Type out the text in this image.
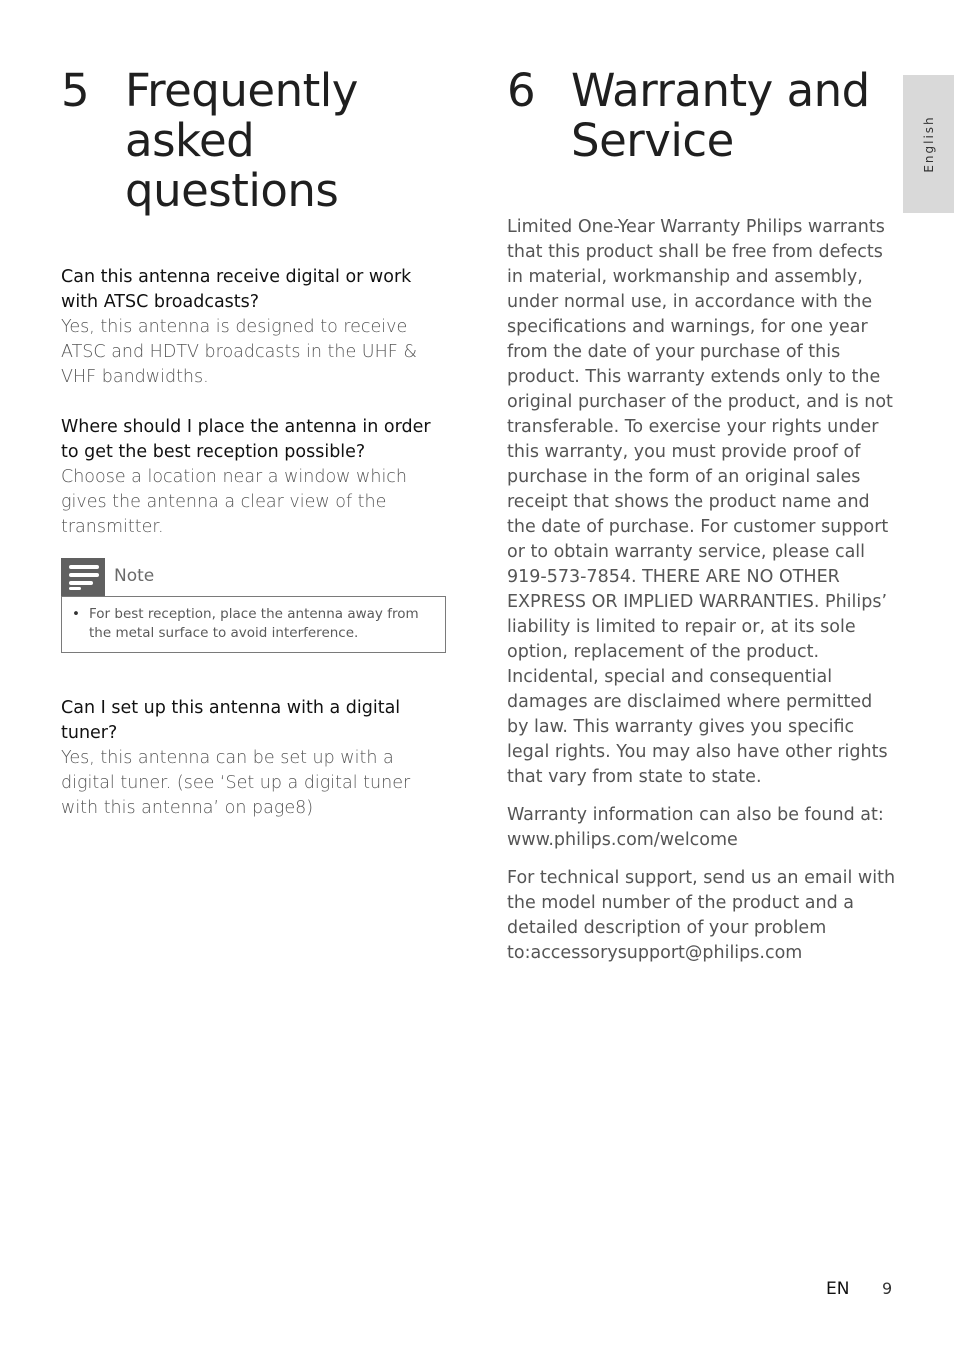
English
5 Frequently
asked questions

Can this antenna receive digital or work with ATSC broadcasts?

Yes, this antenna is designed to receive ATSC and HDTV broadcasts in the UHF & VHF bandwidths.

Where should I place the antenna in order to get the best reception possible?

Choose a location near a window which gives the antenna a clear view of the transmitter.

Note
• For best reception, place the antenna away from the metal surface to avoid interference.

Can I set up this antenna with a digital tuner?

Yes, this antenna can be set up with a digital tuner. (see ‘Set up a digital tuner with this antenna’ on page8)

6 Warranty and
Service

Limited One-Year Warranty Philips warrants that this product shall be free from defects in material, workmanship and assembly, under normal use, in accordance with the specifications and warnings, for one year from the date of your purchase of this product. This warranty extends only to the original purchaser of the product, and is not transferable. To exercise your rights under this warranty, you must provide proof of purchase in the form of an original sales receipt that shows the product name and the date of purchase. For customer support or to obtain warranty service, please call 919-573-7854. THERE ARE NO OTHER EXPRESS OR IMPLIED WARRANTIES. Philips’ liability is limited to repair or, at its sole option, replacement of the product. Incidental, special and consequential damages are disclaimed where permitted by law. This warranty gives you specific legal rights. You may also have other rights that vary from state to state.

Warranty information can also be found at: www.philips.com/welcome

For technical support, send us an email with the model number of the product and a detailed description of your problem to:accessorysupport@philips.com

EN 9
